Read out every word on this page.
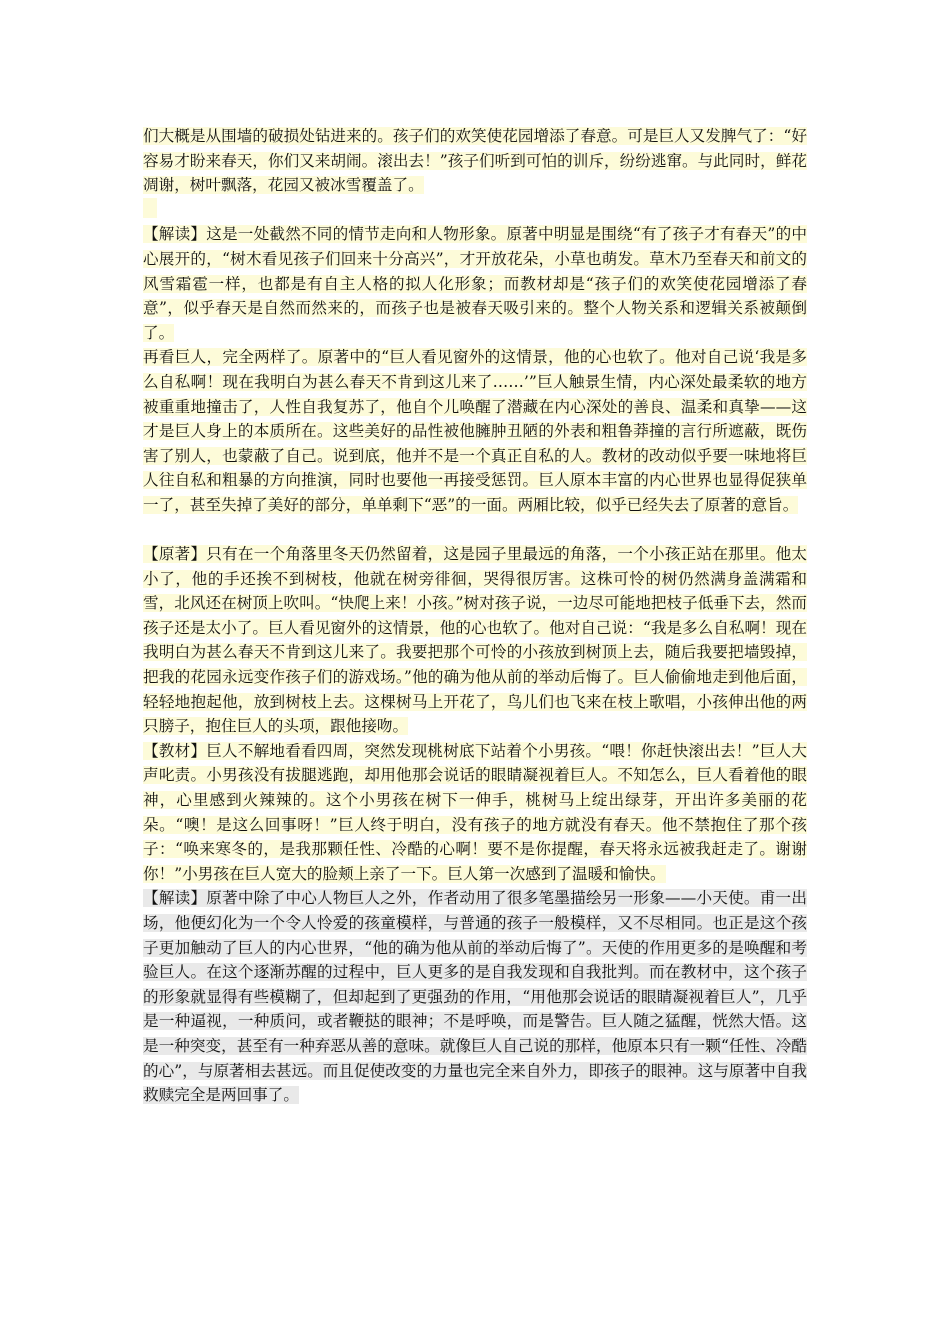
们大概是从围墙的破损处钻进来的。孩子们的欢笑使花园增添了春意。可是巨人又发脾气了：“好容易才盼来春天，你们又来胡闹。滚出去！”孩子们听到可怕的训斥，纷纷逃窜。与此同时，鲜花凋谢，树叶飘落，花园又被冰雪覆盖了。

【解读】这是一处截然不同的情节走向和人物形象。原著中明显是围绕“有了孩子才有春天”的中心展开的，“树木看见孩子们回来十分高兴”，才开放花朵，小草也萌发。草木乃至春天和前文的风雪霜雹一样，也都是有自主人格的拟人化形象；而教材却是“孩子们的欢笑使花园增添了春意”，似乎春天是自然而然来的，而孩子也是被春天吸引来的。整个人物关系和逻辑关系被颠倒了。

再看巨人，完全两样了。原著中的“巨人看见窗外的这情景，他的心也软了。他对自己说‘我是多么自私啊！现在我明白为甚么春天不肯到这儿来了……’”巨人触景生情，内心深处最柔软的地方被重重地撞击了，人性自我复苏了，他自个儿唤醒了潜藏在内心深处的善良、温柔和真挚——这才是巨人身上的本质所在。这些美好的品性被他臃肿丑陋的外表和粗鲁莽撞的言行所遮蔽，既伤害了别人，也蒙蔽了自己。说到底，他并不是一个真正自私的人。教材的改动似乎要一味地将巨人往自私和粗暴的方向推演，同时也要他一再接受惩罚。巨人原本丰富的内心世界也显得促狭单一了，甚至失掉了美好的部分，单单剩下“恶”的一面。两厢比较，似乎已经失去了原著的意旨。

【原著】只有在一个角落里冬天仍然留着，这是园子里最远的角落，一个小孩正站在那里。他太小了，他的手还挨不到树枝，他就在树旁徘徊，哭得很厉害。这株可怜的树仍然满身盖满霜和雪，北风还在树顶上吹叫。“快爬上来！小孩。”树对孩子说，一边尽可能地把枝子低垂下去，然而孩子还是太小了。巨人看见窗外的这情景，他的心也软了。他对自己说：“我是多么自私啊！现在我明白为甚么春天不肯到这儿来了。我要把那个可怜的小孩放到树顶上去，随后我要把墙毁掉，把我的花园永远变作孩子们的游戏场。”他的确为他从前的举动后悔了。巨人偷偷地走到他后面，轻轻地抱起他，放到树枝上去。这棵树马上开花了，鸟儿们也飞来在枝上歌唱，小孩伸出他的两只膀子，抱住巨人的头项，跟他接吻。

【教材】巨人不解地看看四周，突然发现桃树底下站着个小男孩。“喂！你赶快滚出去！”巨人大声叱责。小男孩没有拔腿逃跑，却用他那会说话的眼睛凝视着巨人。不知怎么，巨人看着他的眼神，心里感到火辣辣的。这个小男孩在树下一伸手，桃树马上绽出绿芽，开出许多美丽的花朵。“噢！是这么回事呀！”巨人终于明白，没有孩子的地方就没有春天。他不禁抱住了那个孩子：“唤来寒冬的，是我那颗任性、冷酷的心啊！要不是你提醒，春天将永远被我赶走了。谢谢你！”小男孩在巨人宽大的脸颊上亲了一下。巨人第一次感到了温暖和愉快。

【解读】原著中除了中心人物巨人之外，作者动用了很多笔墨描绘另一形象——小天使。甫一出场，他便幻化为一个令人怜爱的孩童模样，与普通的孩子一般模样，又不尽相同。也正是这个孩子更加触动了巨人的内心世界，“他的确为他从前的举动后悔了”。天使的作用更多的是唤醒和考验巨人。在这个逐渐苏醒的过程中，巨人更多的是自我发现和自我批判。而在教材中，这个孩子的形象就显得有些模糊了，但却起到了更强劲的作用，“用他那会说话的眼睛凝视着巨人”，几乎是一种逼视，一种质问，或者鞭挞的眼神；不是呼唤，而是警告。巨人随之猛醒，恍然大悟。这是一种突变，甚至有一种弃恶从善的意味。就像巨人自己说的那样，他原本只有一颗“任性、冷酷的心”，与原著相去甚远。而且促使改变的力量也完全来自外力，即孩子的眼神。这与原著中自我救赎完全是两回事了。
